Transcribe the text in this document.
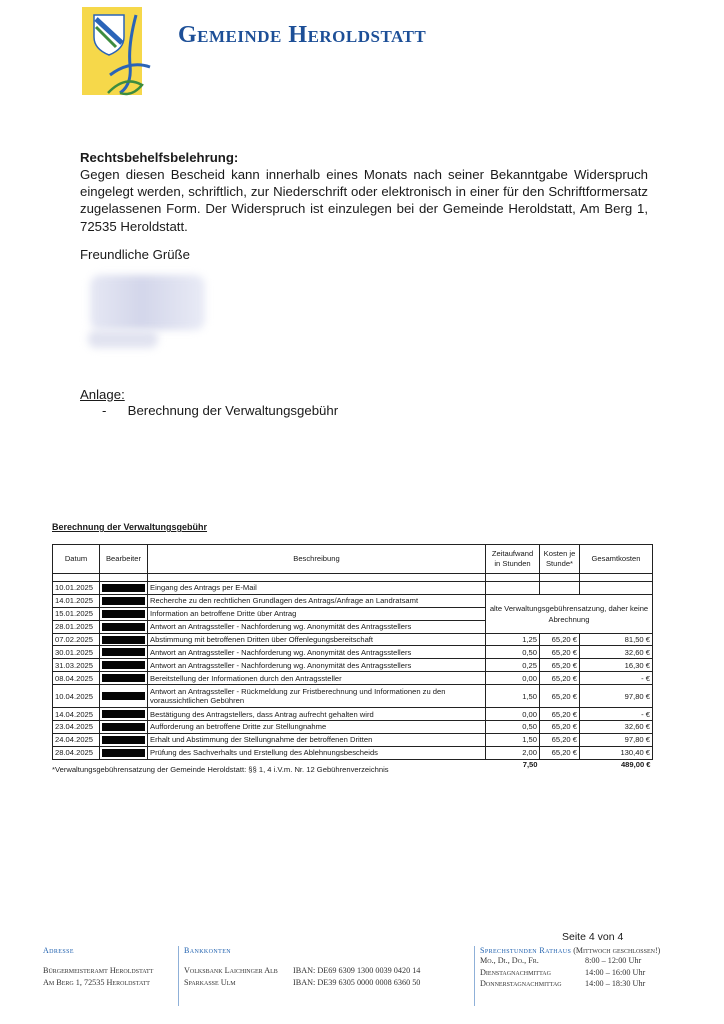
Gemeinde Heroldstatt
Rechtsbehelfsbelehrung:
Gegen diesen Bescheid kann innerhalb eines Monats nach seiner Bekanntgabe Widerspruch eingelegt werden, schriftlich, zur Niederschrift oder elektronisch in einer für den Schriftformersatz zugelassenen Form. Der Widerspruch ist einzulegen bei der Gemeinde Heroldstatt, Am Berg 1, 72535 Heroldstatt.
Freundliche Grüße
Anlage:
- Berechnung der Verwaltungsgebühr
Berechnung der Verwaltungsgebühr
Datum	Bearbeiter	Beschreibung	Zeitaufwand in Stunden	Kosten je Stunde*	Gesamtkosten

10.01.2025		Eingang des Antrags per E-Mail			
14.01.2025		Recherche zu den rechtlichen Grundlagen des Antrags/Anfrage an Landratsamt	alte Verwaltungsgebührensatzung, daher keine Abrechnung		
15.01.2025		Information an betroffene Dritte über Antrag			
28.01.2025		Antwort an Antragssteller - Nachforderung wg. Anonymität des Antragsstellers			
07.02.2025		Abstimmung mit betroffenen Dritten über Offenlegungsbereitschaft	1,25	65,20 €	81,50 €
30.01.2025		Antwort an Antragssteller - Nachforderung wg. Anonymität des Antragsstellers	0,50	65,20 €	32,60 €
31.03.2025		Antwort an Antragssteller - Nachforderung wg. Anonymität des Antragsstellers	0,25	65,20 €	16,30 €
08.04.2025		Bereitstellung der Informationen durch den Antragssteller	0,00	65,20 €	- €
10.04.2025		Antwort an Antragssteller - Rückmeldung zur Fristberechnung und Informationen zu den voraussichtlichen Gebühren	1,50	65,20 €	97,80 €
14.04.2025		Bestätigung des Antragstellers, dass Antrag aufrecht gehalten wird	0,00	65,20 €	- €
23.04.2025		Aufforderung an betroffene Dritte zur Stellungnahme	0,50	65,20 €	32,60 €
24.04.2025		Erhalt und Abstimmung der Stellungnahme der betroffenen Dritten	1,50	65,20 €	97,80 €
28.04.2025		Prüfung des Sachverhalts und Erstellung des Ablehnungsbescheids	2,00	65,20 €	130,40 €
			7,50		489,00 €
*Verwaltungsgebührensatzung der Gemeinde Heroldstatt: §§ 1, 4 i.V.m. Nr. 12 Gebührenverzeichnis
Seite 4 von 4
Adresse
Bürgermeisteramt Heroldstatt
Am Berg 1, 72535 Heroldstatt
Bankkonten
Volksbank Laichinger Alb IBAN: DE69 6309 1300 0039 0420 14
Sparkasse Ulm	IBAN: DE39 6305 0000 0008 6360 50
Sprechstunden Rathaus (Mittwoch geschlossen!)
Mo., Di., Do., Fr.	8:00 – 12:00 Uhr
Dienstagnachmittag	14:00 – 16:00 Uhr
Donnerstagnachmittag	14:00 – 18:30 Uhr
